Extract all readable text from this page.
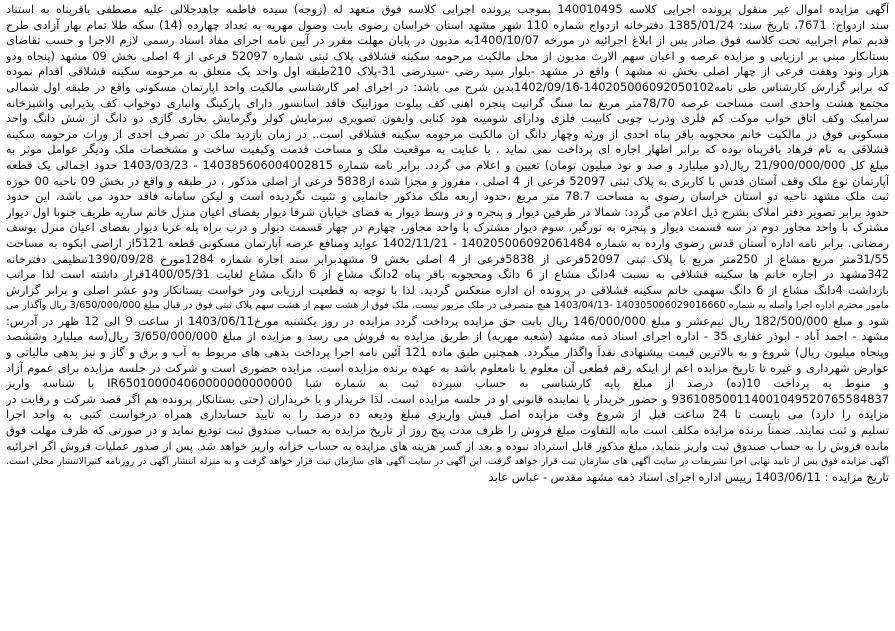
آگهی مزایده اموال غیر منقول پرونده اجرایی کلاسه 140010495 بموجب پرونده اجرایی کلاسه فوق متعهد له (زوجه) سیده فاطمه جاهدجلالی علیه مصطفی باقرپناه به استناد
سند ازدواج: 7671، تاریخ سند: 1385/01/24 دفترخانه ازدواج شماره 110 شهر مشهد استان خراسان رضوی بابت وصول مهریه به تعداد چهارده (14) سکه طلا تمام بهار آزادی طرح
قدیم تمام اجراییه تحت کلاسه فوق صادر پس از ابلاغ اجرائیه در مورخه 1400/10/07به مدیون در پایان مهلت مقرر در آیین نامه اجرای مفاد اسناد رسمی لازم الاجرا و حسب تقاضای
بستانکار مبنی بر ارزیابی و مزایده عرصه و اعیان سهم الارث مدیون از محل مالکیت مرحومه سکینه قشلاقی پلاک ثبتی شماره 52097 فرعی از 4 اصلی بخش 09 مشهد (پنجاه ودو
هزار ونود وهفت فرعی از چهار اصلی بخش نه مشهد ) واقع در مشهد -بلوار سید رضی -سیدرضی 31-پلاک 210طبقه اول واحد یک متعلق به مرحومه سکینه قشلاقی اقدام نموده
که برابر گزارش کارشناس طی نامه140205006092050102-1402/09/16بدین شرح می باشد: در اجرای امر کارشناسی مالکیت واحد اپارتمان مسکونی واقع در طبقه اول شمالی
مجتمع هشت واحدی است مساحت عرصه 78/70متر مربع نما سنگ گرانیت پنجره اهنی کف پیلوت موزاییک فاقد اسانسور دارای پارکینگ وانباری دوخواب کف پذیرایی واشپزخانه
سرامیک وکف اتاق خواب موکت کم فلزی ودرب چوبی کابینت فلزی ودارای شومینه هود کنابی وایفون تصویری سرمایش کولر وگرمایش بخاری گازی دو دانگ از شش دانگ واحد
مسکونی فوق در مالکیت خانم محجوبه باقر پناه احدی از ورثه وچهار دانگ ان مالکیت مرحومه سکینه قشلاقی است.. در زمان بازدید ملک در تصرف احدی از وراث مرحومه سکینه
قشلاقی به نام فرهاد باقرپناه بوده که برابر اظهار اجاره ای پرداخت نمی نماید . با عنایت به موقعیت ملک و مساحت قدمت وکیفیت ساخت و مشخصات ملک ودیگر عوامل موثر به
مبلغ کل 21/900/000/000 ریال(دو میلیارد و صد و نود میلیون تومان) تعیین و اعلام می گردد. برابر نامه شماره 140385606004002815 - 1403/03/23 حدود اجمالی یک قطعه
آپارتمان نوع ملک وقف آستان قدس با کاربری به پلاک ثبتی 52097 فرعی از 4 اصلی ، مفروز و مجزا شده از5838 فرعی از اصلی مذکور ، در طبقه و واقع در بخش 09 ناحیه 00 حوزه
ثبت ملک مشهد ناحیه دو استان خراسان رضوی به مساحت 78.7 متر مربع ،حدود اربعه ملک مذکور جانمایی و تثبیت نگردیده است و لیکن سامانه فاقد حدود می باشد، این حدود
حدود برابر تصویر دفتر املاک بشرح ذیل اعلام می گردد: شمالا در طرفین دیوار و پنجره و در وسط دیوار به فضای خیابان شرقا دیوار بفضای اعیان منزل خانم ساریه ظریف جنوبا اول دیوار
مشترک با واحد مجاور دوم در سه قسمت دیوار و پنجره به نورگیر، سوم دیوار مشترک با واحد مجاور، چهارم در چهار قسمت دیوار و درب براه پله غربا دیوار بفضای اعیان منزل یوسف
رمضانی. برابر نامه اداره آستان قدس رضوی وارده به شماره 140205006092061484 - 1402/11/21 عواید ومنافع عرصه آپارتمان مسکونی قطعه 5121از اراضی ابکوه به مساحت
31/55متر مربع مشاع از 250متر مربع با پلاک ثبتی 52097فرعی از 5838فرعی از 4 اصلی بخش 9 مشهدبرابر سند اجاره شماره 1284مورخ 1390/09/28تنظیمی دفترخانه
342مشهد در اجاره خانم ها سکینه قشلاقی به نسبت 4دانگ مشاع از 6 دانگ ومحجوبه باقر پناه 2دانگ مشاع از 6 دانگ مشاع لغایت 1400/05/31قرار داشته است لذا مراتب
بازداشت 4دانگ مشاع از 6 دانگ سهمی خانم سکینه قشلاقی در پرونده ان اداره منعکس گردید. لذا با توجه به قطعیت ارزیابی ودر خواست بستانکار ودو عشر اصلی و برابر گزارش
مامور محترم اداره اجرا واصله به شماره 140305006029016660 -1403/04/13 هیچ متصرفی در ملک مزبور نیست، ملک فوق از هشت سهم از هشت سهم پلاک ثبتی فوق در قبال مبلغ 3/650/000/000 ریال وآگذار می
شود و مبلغ 182/500/000 ریال نیم‌عشر و مبلغ 146/000/000 ریال بابت حق مزایده پرداخت گردد مزایده در روز یکشنبه مورخ1403/06/11 از ساعت 9 الی 12 ظهر در آدرس:
مشهد - احمد آباد - ابوذر غفاری 35 - اداره اجرای اسناد ذمه مشهد (شعبه مهریه) از طریق مزایده به فروش می رسد و مزایده از مبلغ 3/650/000/000 ریال(سه میلیارد وششصد
وپنجاه میلیون ریال) شروع و به بالاترین قیمت پیشنهادی نقداً واگذار میگردد. همچنین طبق ماده 121 آئین نامه اجرا پرداخت بدهی های مربوط به آب و برق و گاز و نیز بدهی مالیاتی و
عوارض شهرداری و غیره تا تاریخ مزایده اعم از اینکه رقم قطعی آن معلوم یا نامعلوم باشد به عهده برنده مزایده است. مزایده حضوری است و شرکت در جلسه مزایده برای عموم آزاد
و منوط به پرداخت 10(ده) درصد از مبلغ پایه کارشناسی به حساب سپرده ثبت به شماره شبا IR650100004060000000000000 با شناسه واریز
936108500114001049520765584837 و حضور خریدار یا نماینده قانونی او در جلسه مزایده است. لذا خریدار و یا خریداران (حتی بستانکار پرونده هم اگر قصد شرکت و رقابت در
مزایده را دارد) می بایست تا 24 ساعت قبل از شروع وقت مزایده اصل فیش واریزی مبلغ ودیعه ده درصد را به تایید حسابداری همراه درخواست کتبی به واحد اجرا
تسلیم و ثبت نمایند. ضمناً برنده مزایده مکلف است مابه التفاوت مبلغ فروش را ظرف مدت پنج روز از تاریخ مزایده به حساب صندوق ثبت تودیع نماید و در صورتی که ظرف مهلت فوق
مانده فروش را به حساب صندوق ثبت واریز ننماید، مبلغ مذکور قابل استرداد نبوده و بعد از کسر هزینه های مزایده به حساب خزانه واریز خواهد شد. پس از صدور عملیات فروش اگر اجرائیه
آگهی مزایده فوق پس از تایید نهایی اجرا تشریفات در سایت آگهی های سازمان ثبت قرار خواهد گرفت. این آگهی در سایت آگهی های سازمان ثبت قرار خواهد گرفت و به منزله انتشار آگهی در روزنامه کثیرالانتشار محلی است.
تاریخ مزایده : 1403/06/11 رییس اداره اجرای اسناد ذمه مشهد مقدس - عباس عابد
